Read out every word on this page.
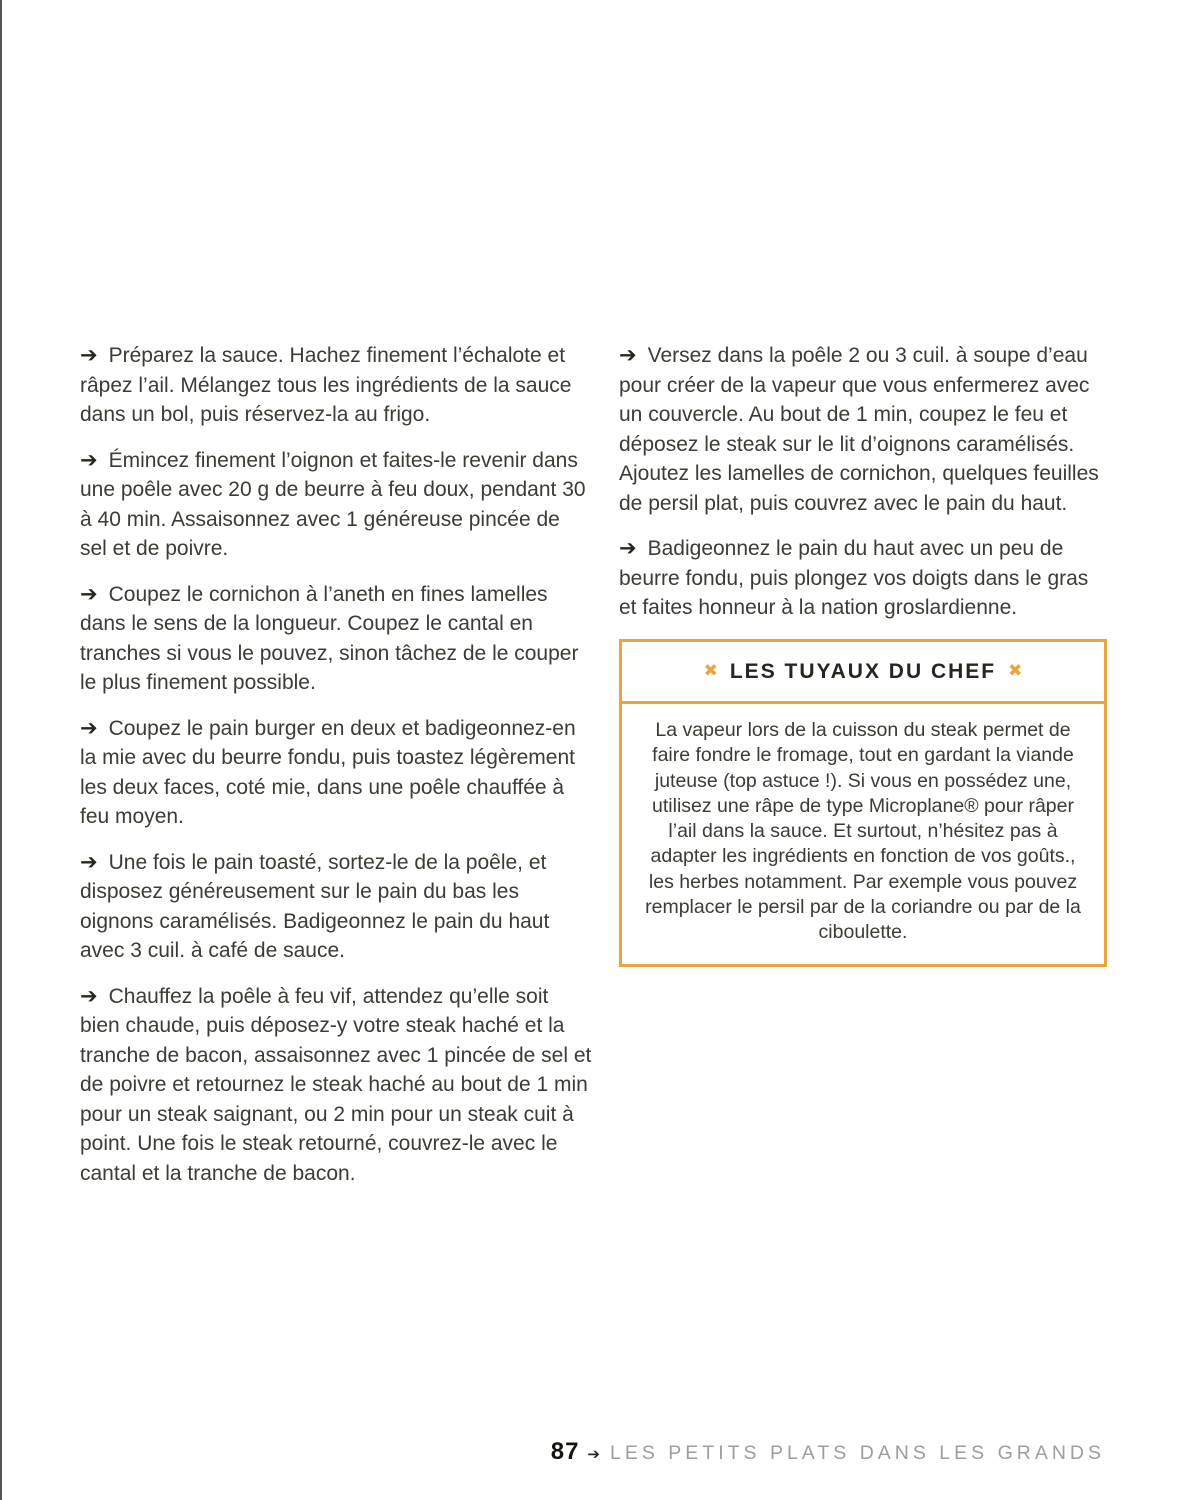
➔ Préparez la sauce. Hachez finement l’échalote et râpez l’ail. Mélangez tous les ingrédients de la sauce dans un bol, puis réservez-la au frigo.

➔ Émincez finement l’oignon et faites-le revenir dans une poêle avec 20 g de beurre à feu doux, pendant 30 à 40 min. Assaisonnez avec 1 généreuse pincée de sel et de poivre.

➔ Coupez le cornichon à l’aneth en fines lamelles dans le sens de la longueur. Coupez le cantal en tranches si vous le pouvez, sinon tâchez de le couper le plus finement possible.

➔ Coupez le pain burger en deux et badigeonnez-en la mie avec du beurre fondu, puis toastez légèrement les deux faces, coté mie, dans une poêle chauffée à feu moyen.

➔ Une fois le pain toasté, sortez-le de la poêle, et disposez généreusement sur le pain du bas les oignons caramélisés. Badigeonnez le pain du haut avec 3 cuil. à café de sauce.

➔ Chauffez la poêle à feu vif, attendez qu’elle soit bien chaude, puis déposez-y votre steak haché et la tranche de bacon, assaisonnez avec 1 pincée de sel et de poivre et retournez le steak haché au bout de 1 min pour un steak saignant, ou 2 min pour un steak cuit à point. Une fois le steak retourné, couvrez-le avec le cantal et la tranche de bacon.

➔ Versez dans la poêle 2 ou 3 cuil. à soupe d’eau pour créer de la vapeur que vous enfermerez avec un couvercle. Au bout de 1 min, coupez le feu et déposez le steak sur le lit d’oignons caramélisés. Ajoutez les lamelles de cornichon, quelques feuilles de persil plat, puis couvrez avec le pain du haut.

➔ Badigeonnez le pain du haut avec un peu de beurre fondu, puis plongez vos doigts dans le gras et faites honneur à la nation groslardienne.

✖ LES TUYAUX DU CHEF ✖
La vapeur lors de la cuisson du steak permet de faire fondre le fromage, tout en gardant la viande juteuse (top astuce !). Si vous en possédez une, utilisez une râpe de type Microplane® pour râper l’ail dans la sauce. Et surtout, n’hésitez pas à adapter les ingrédients en fonction de vos goûts., les herbes notamment. Par exemple vous pouvez remplacer le persil par de la coriandre ou par de la ciboulette.
87 ➔ LES PETITS PLATS DANS LES GRANDS
